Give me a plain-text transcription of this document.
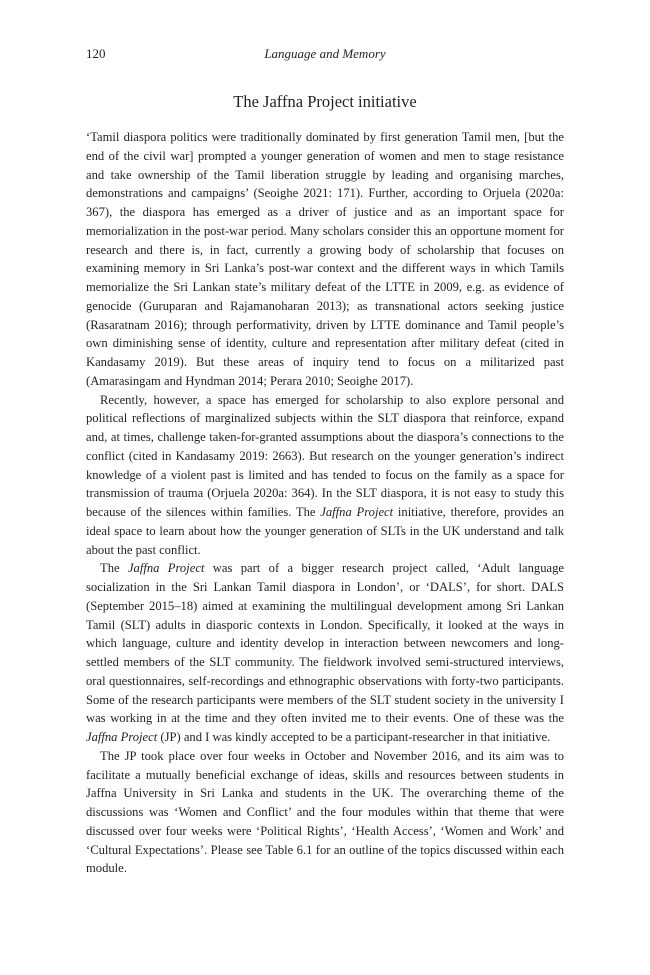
120	Language and Memory
The Jaffna Project initiative

‘Tamil diaspora politics were traditionally dominated by first generation Tamil men, [but the end of the civil war] prompted a younger generation of women and men to stage resistance and take ownership of the Tamil liberation struggle by leading and organising marches, demonstrations and campaigns’ (Seoighe 2021: 171). Further, according to Orjuela (2020a: 367), the diaspora has emerged as a driver of justice and as an important space for memorialization in the post-war period. Many scholars consider this an opportune moment for research and there is, in fact, currently a growing body of scholarship that focuses on examining memory in Sri Lanka’s post-war context and the different ways in which Tamils memorialize the Sri Lankan state’s military defeat of the LTTE in 2009, e.g. as evidence of genocide (Guruparan and Rajamanoharan 2013); as transnational actors seeking justice (Rasaratnam 2016); through performativity, driven by LTTE dominance and Tamil people’s own diminishing sense of identity, culture and representation after military defeat (cited in Kandasamy 2019). But these areas of inquiry tend to focus on a militarized past (Amarasingam and Hyndman 2014; Perara 2010; Seoighe 2017).

Recently, however, a space has emerged for scholarship to also explore personal and political reflections of marginalized subjects within the SLT diaspora that reinforce, expand and, at times, challenge taken-for-granted assumptions about the diaspora’s connections to the conflict (cited in Kandasamy 2019: 2663). But research on the younger generation’s indirect knowledge of a violent past is limited and has tended to focus on the family as a space for transmission of trauma (Orjuela 2020a: 364). In the SLT diaspora, it is not easy to study this because of the silences within families. The Jaffna Project initiative, therefore, provides an ideal space to learn about how the younger generation of SLTs in the UK understand and talk about the past conflict.

The Jaffna Project was part of a bigger research project called, ‘Adult language socialization in the Sri Lankan Tamil diaspora in London’, or ‘DALS’, for short. DALS (September 2015–18) aimed at examining the multilingual development among Sri Lankan Tamil (SLT) adults in diasporic contexts in London. Specifically, it looked at the ways in which language, culture and identity develop in interaction between newcomers and long-settled members of the SLT community. The fieldwork involved semi-structured interviews, oral questionnaires, self-recordings and ethnographic observations with forty-two participants. Some of the research participants were members of the SLT student society in the university I was working in at the time and they often invited me to their events. One of these was the Jaffna Project (JP) and I was kindly accepted to be a participant-researcher in that initiative.

The JP took place over four weeks in October and November 2016, and its aim was to facilitate a mutually beneficial exchange of ideas, skills and resources between students in Jaffna University in Sri Lanka and students in the UK. The overarching theme of the discussions was ‘Women and Conflict’ and the four modules within that theme that were discussed over four weeks were ‘Political Rights’, ‘Health Access’, ‘Women and Work’ and ‘Cultural Expectations’. Please see Table 6.1 for an outline of the topics discussed within each module.
